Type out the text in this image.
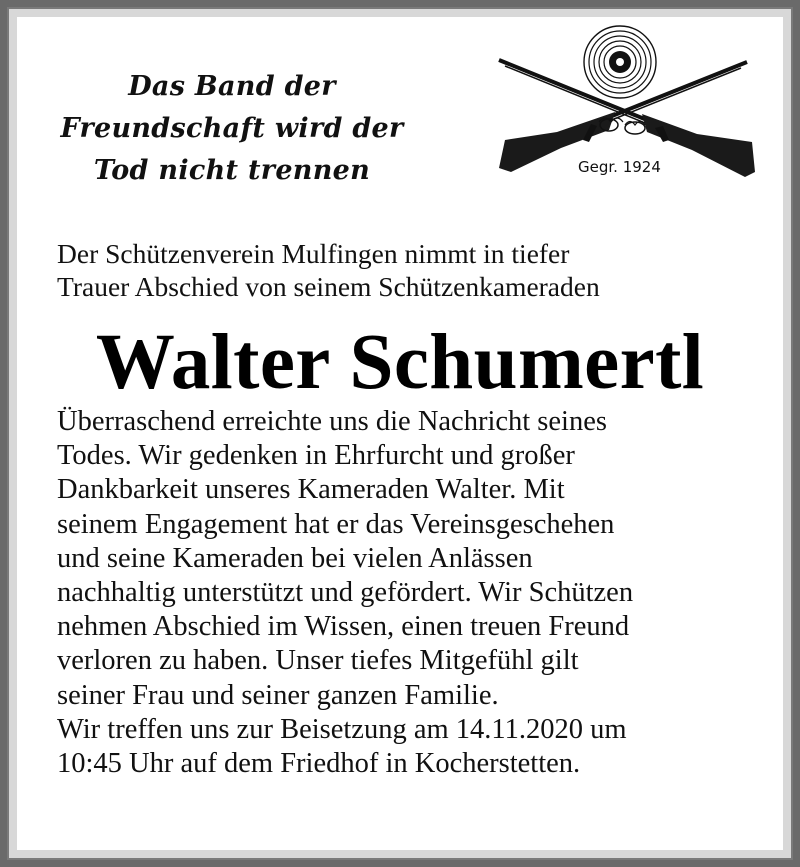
Das Band der
Freundschaft wird der
Tod nicht trennen	Gegr. 1924
Der Schützenverein Mulfingen nimmt in tiefer
Trauer Abschied von seinem Schützenkameraden
Walter Schumertl
Überraschend erreichte uns die Nachricht seines
Todes. Wir gedenken in Ehrfurcht und großer
Dankbarkeit unseres Kameraden Walter. Mit
seinem Engagement hat er das Vereinsgeschehen
und seine Kameraden bei vielen Anlässen
nachhaltig unterstützt und gefördert. Wir Schützen
nehmen Abschied im Wissen, einen treuen Freund
verloren zu haben. Unser tiefes Mitgefühl gilt
seiner Frau und seiner ganzen Familie.
Wir treffen uns zur Beisetzung am 14.11.2020 um
10:45 Uhr auf dem Friedhof in Kocherstetten.
